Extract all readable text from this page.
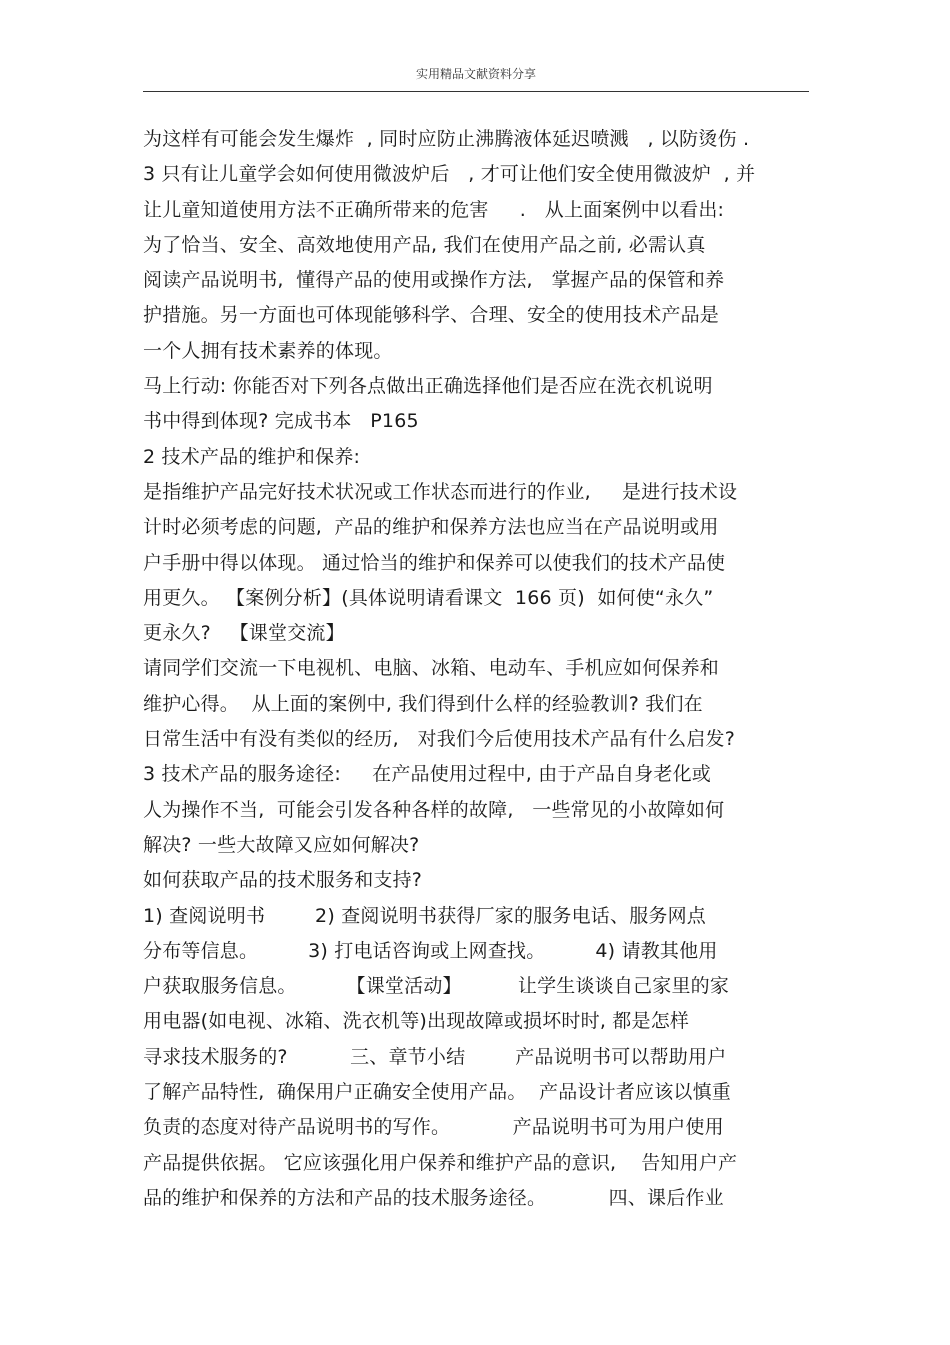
实用精品文献资料分享
为这样有可能会发生爆炸  , 同时应防止沸腾液体延迟喷溅   , 以防烫伤 .
3 只有让儿童学会如何使用微波炉后   , 才可让他们安全使用微波炉  , 并
让儿童知道使用方法不正确所带来的危害     .   从上面案例中以看出:
为了恰当、安全、高效地使用产品, 我们在使用产品之前, 必需认真
阅读产品说明书,  懂得产品的使用或操作方法,   掌握产品的保管和养
护措施。另一方面也可体现能够科学、合理、安全的使用技术产品是
一个人拥有技术素养的体现。
马上行动: 你能否对下列各点做出正确选择他们是否应在洗衣机说明
书中得到体现? 完成书本   P165
2 技术产品的维护和保养:
是指维护产品完好技术状况或工作状态而进行的作业,     是进行技术设
计时必须考虑的问题,  产品的维护和保养方法也应当在产品说明或用
户手册中得以体现。 通过恰当的维护和保养可以使我们的技术产品使
用更久。 【案例分析】(具体说明请看课文  166 页)  如何使“永久”
更永久?   【课堂交流】
请同学们交流一下电视机、电脑、冰箱、电动车、手机应如何保养和
维护心得。  从上面的案例中, 我们得到什么样的经验教训? 我们在
日常生活中有没有类似的经历,   对我们今后使用技术产品有什么启发?
3 技术产品的服务途径:     在产品使用过程中, 由于产品自身老化或
人为操作不当,  可能会引发各种各样的故障,   一些常见的小故障如何
解决? 一些大故障又应如何解决?
如何获取产品的技术服务和支持?
1) 查阅说明书        2) 查阅说明书获得厂家的服务电话、服务网点
分布等信息。        3) 打电话咨询或上网查找。        4) 请教其他用
户获取服务信息。        【课堂活动】         让学生谈谈自己家里的家
用电器(如电视、冰箱、洗衣机等)出现故障或损坏时时, 都是怎样
寻求技术服务的?          三、章节小结        产品说明书可以帮助用户
了解产品特性,  确保用户正确安全使用产品。  产品设计者应该以慎重
负责的态度对待产品说明书的写作。          产品说明书可为用户使用
产品提供依据。 它应该强化用户保养和维护产品的意识,    告知用户产
品的维护和保养的方法和产品的技术服务途径。          四、课后作业
